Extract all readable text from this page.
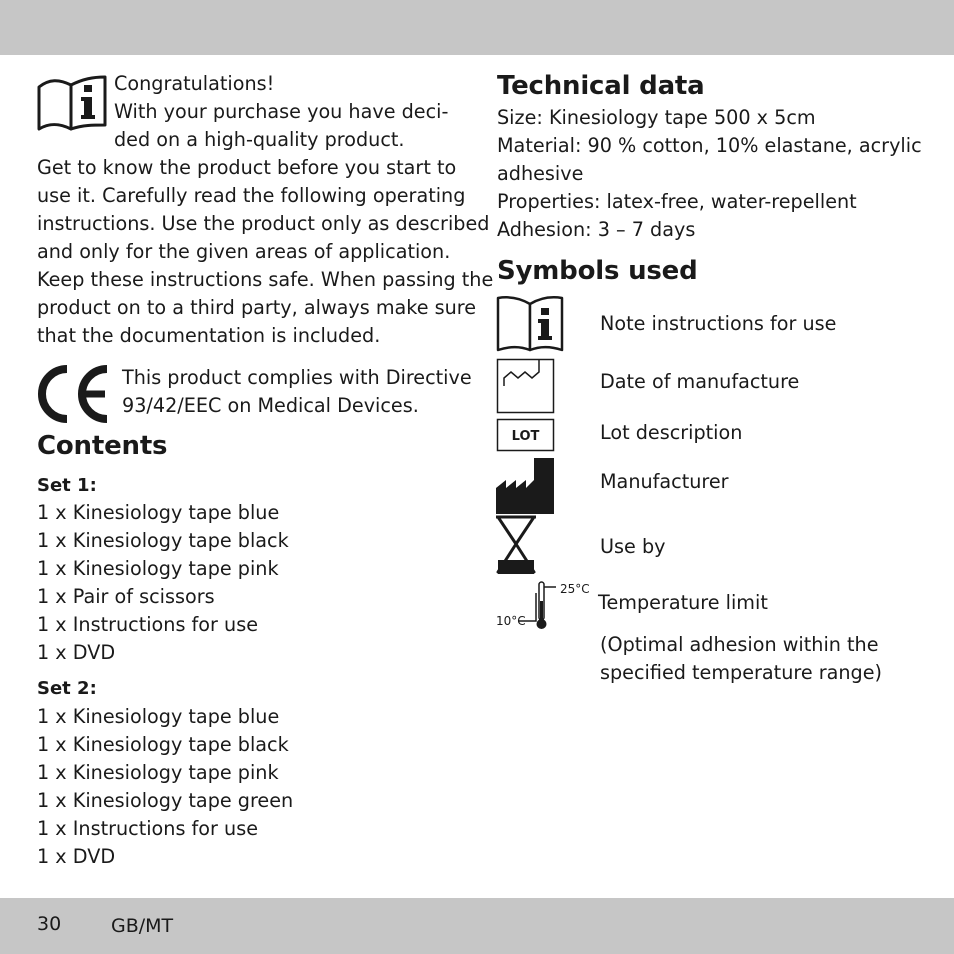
Congratulations!

With your purchase you have deci-

ded on a high-quality product.

Get to know the product before you start to

use it. Carefully read the following operating

instructions. Use the product only as described

and only for the given areas of application.

Keep these instructions safe. When passing the

product on to a third party, always make sure

that the documentation is included.

This product complies with Directive

93/42/EEC on Medical Devices.

Contents

Set 1:

1 x Kinesiology tape blue
1 x Kinesiology tape black
1 x Kinesiology tape pink
1 x Pair of scissors
1 x Instructions for use
1 x DVD

Set 2:

1 x Kinesiology tape blue
1 x Kinesiology tape black
1 x Kinesiology tape pink
1 x Kinesiology tape green
1 x Instructions for use
1 x DVD
Technical data

Size: Kinesiology tape 500 x 5cm

Material: 90 % cotton, 10% elastane, acrylic

adhesive

Properties: latex-free, water-repellent

Adhesion: 3 – 7 days

Symbols used
Note instructions for use
Date of manufacture
LOT	Lot description
Manufacturer
Use by
25°C
10°C
Temperature limit

(Optimal adhesion within the

specified temperature range)

30	GB/MT
